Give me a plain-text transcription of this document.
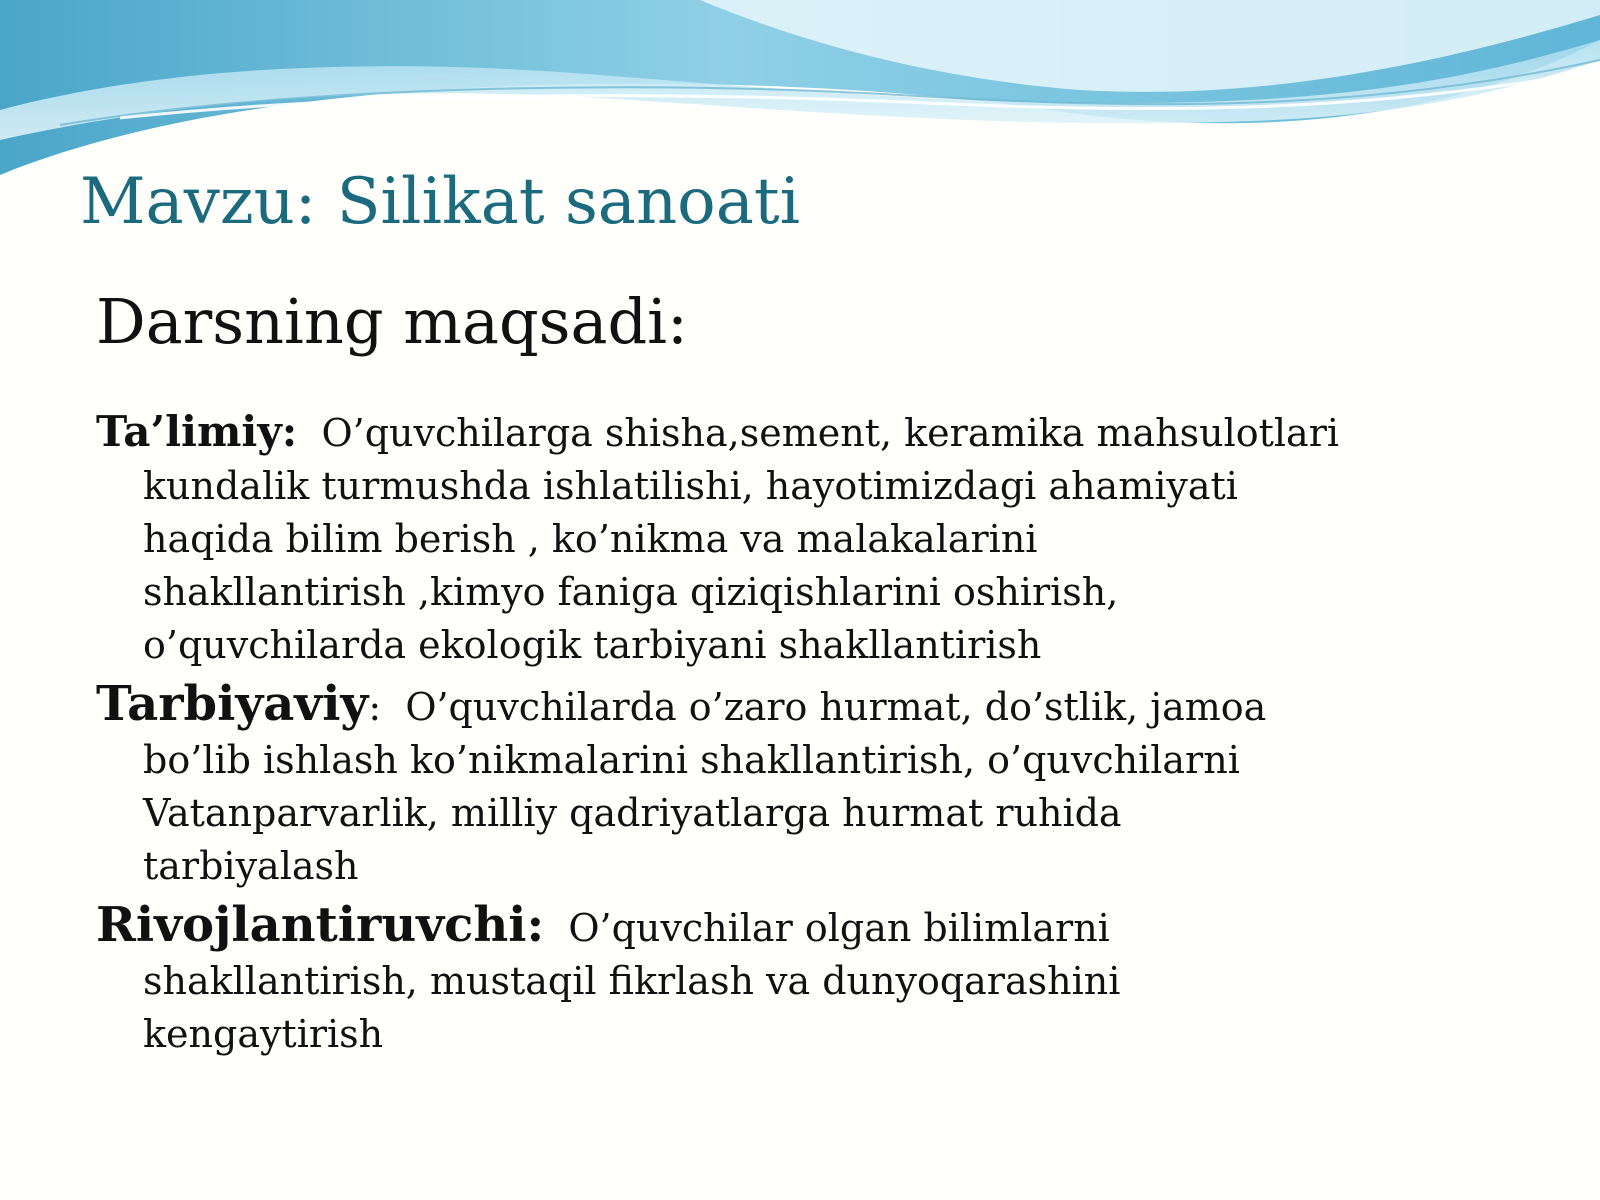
Mavzu: Silikat sanoati
Darsning maqsadi:

Ta’limiy: O’quvchilarga shisha,sement, keramika mahsulotlari
kundalik turmushda ishlatilishi, hayotimizdagi ahamiyati
haqida bilim berish , ko’nikma va malakalarini
shakllantirish ,kimyo faniga qiziqishlarini oshirish,
o’quvchilarda ekologik tarbiyani shakllantirish

Tarbiyaviy: O’quvchilarda o’zaro hurmat, do’stlik, jamoa
bo’lib ishlash ko’nikmalarini shakllantirish, o’quvchilarni
Vatanparvarlik, milliy qadriyatlarga hurmat ruhida
tarbiyalash

Rivojlantiruvchi: O’quvchilar olgan bilimlarni
shakllantirish, mustaqil fikrlash va dunyoqarashini
kengaytirish
